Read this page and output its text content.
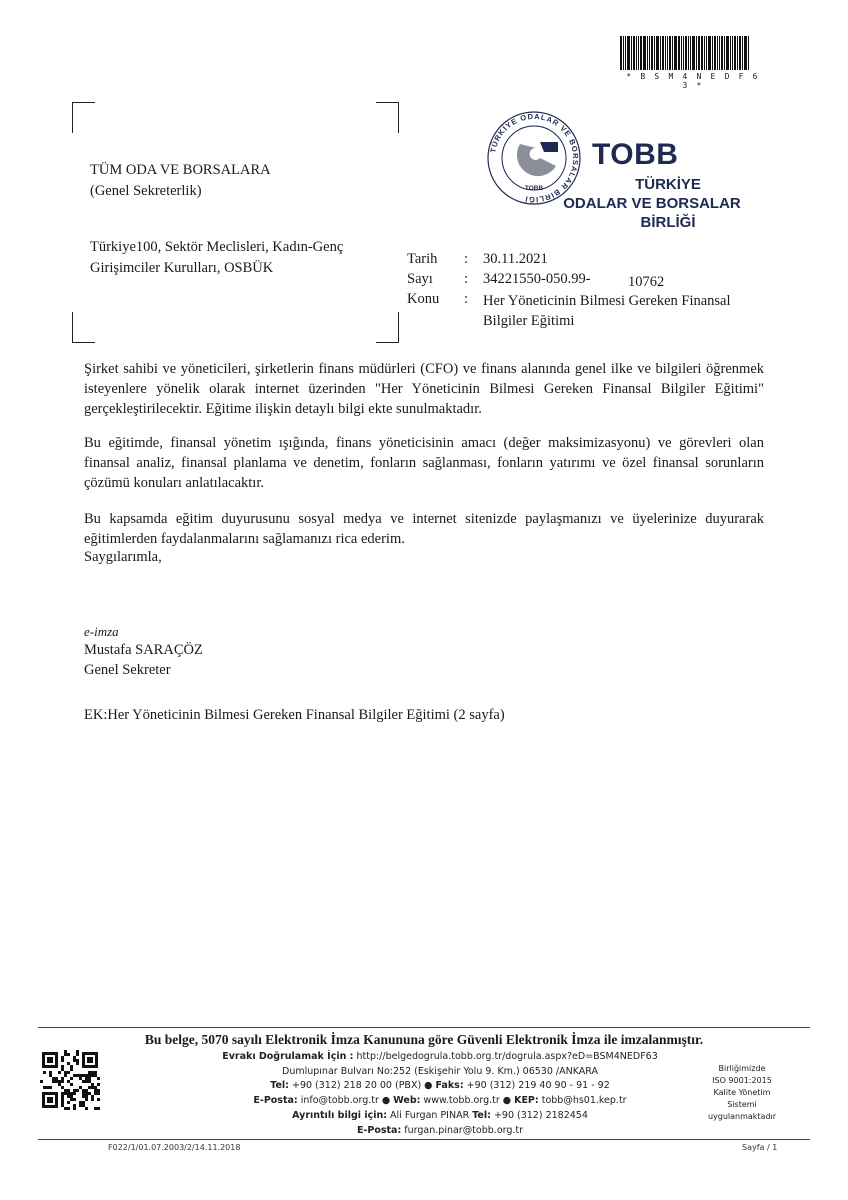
* B S M 4 N E D F 6 3 *
TÜRKİYE ODALAR VE BORSALAR BİRLİĞİ
TOBB
TOBB
TÜRKİYE
ODALAR VE BORSALAR
BİRLİĞİ
TÜM ODA VE BORSALARA
(Genel Sekreterlik)
Türkiye100, Sektör Meclisleri, Kadın-Genç
Girişimciler Kurulları, OSBÜK
Tarih : 30.11.2021
Sayı : 34221550-050.99-	10762
Konu : Her Yöneticinin Bilmesi Gereken Finansal
Bilgiler Eğitimi
Şirket sahibi ve yöneticileri, şirketlerin finans müdürleri (CFO) ve finans alanında genel ilke ve bilgileri öğrenmek isteyenlere yönelik olarak internet üzerinden "Her Yöneticinin Bilmesi Gereken Finansal Bilgiler Eğitimi" gerçekleştirilecektir. Eğitime ilişkin detaylı bilgi ekte sunulmaktadır.
Bu eğitimde, finansal yönetim ışığında, finans yöneticisinin amacı (değer maksimizasyonu) ve görevleri olan finansal analiz, finansal planlama ve denetim, fonların sağlanması, fonların yatırımı ve özel finansal sorunların çözümü konuları anlatılacaktır.
Bu kapsamda eğitim duyurusunu sosyal medya ve internet sitenizde paylaşmanızı ve üyelerinize duyurarak eğitimlerden faydalanmalarını sağlamanızı rica ederim.
Saygılarımla,
e-imza
Mustafa SARAÇÖZ
Genel Sekreter
EK:Her Yöneticinin Bilmesi Gereken Finansal Bilgiler Eğitimi (2 sayfa)
Bu belge, 5070 sayılı Elektronik İmza Kanununa göre Güvenli Elektronik İmza ile imzalanmıştır.
Evrakı Doğrulamak İçin : http://belgedogrula.tobb.org.tr/dogrula.aspx?eD=BSM4NEDF63
Dumlupınar Bulvarı No:252 (Eskişehir Yolu 9. Km.) 06530 /ANKARA
Tel: +90 (312) 218 20 00 (PBX) ● Faks: +90 (312) 219 40 90 - 91 - 92
E-Posta: info@tobb.org.tr ● Web: www.tobb.org.tr ● KEP: tobb@hs01.kep.tr
Ayrıntılı bilgi için: Ali Furgan PINAR Tel: +90 (312) 2182454
E-Posta: furgan.pinar@tobb.org.tr
Birliğimizde
ISO 9001:2015
Kalite Yönetim
Sistemi
uygulanmaktadır
F022/1/01.07.2003/2/14.11.2018	Sayfa / 1
